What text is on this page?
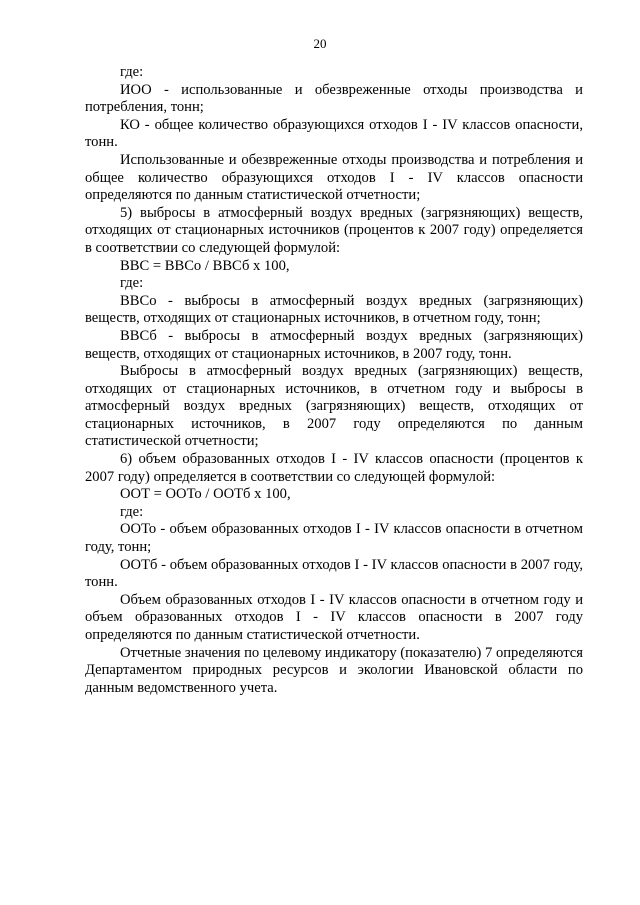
20

где:

ИОО - использованные и обезвреженные отходы производства и потребления, тонн;

КО - общее количество образующихся отходов I - IV классов опасности, тонн.

Использованные и обезвреженные отходы производства и потребления и общее количество образующихся отходов I - IV классов опасности определяются по данным статистической отчетности;

5) выбросы в атмосферный воздух вредных (загрязняющих) веществ, отходящих от стационарных источников (процентов к 2007 году) определяется в соответствии со следующей формулой:

ВВС = ВВСо / ВВСб x 100,

где:

ВВСо - выбросы в атмосферный воздух вредных (загрязняющих) веществ, отходящих от стационарных источников, в отчетном году, тонн;

ВВСб - выбросы в атмосферный воздух вредных (загрязняющих) веществ, отходящих от стационарных источников, в 2007 году, тонн.

Выбросы в атмосферный воздух вредных (загрязняющих) веществ, отходящих от стационарных источников, в отчетном году и выбросы в атмосферный воздух вредных (загрязняющих) веществ, отходящих от стационарных источников, в 2007 году определяются по данным статистической отчетности;

6) объем образованных отходов I - IV классов опасности (процентов к 2007 году) определяется в соответствии со следующей формулой:

ООТ = ООТо / ООТб x 100,

где:

ООТо - объем образованных отходов I - IV классов опасности в отчетном году, тонн;

ООТб - объем образованных отходов I - IV классов опасности в 2007 году, тонн.

Объем образованных отходов I - IV классов опасности в отчетном году и объем образованных отходов I - IV классов опасности в 2007 году определяются по данным статистической отчетности.

Отчетные значения по целевому индикатору (показателю) 7 определяются Департаментом природных ресурсов и экологии Ивановской области по данным ведомственного учета.
